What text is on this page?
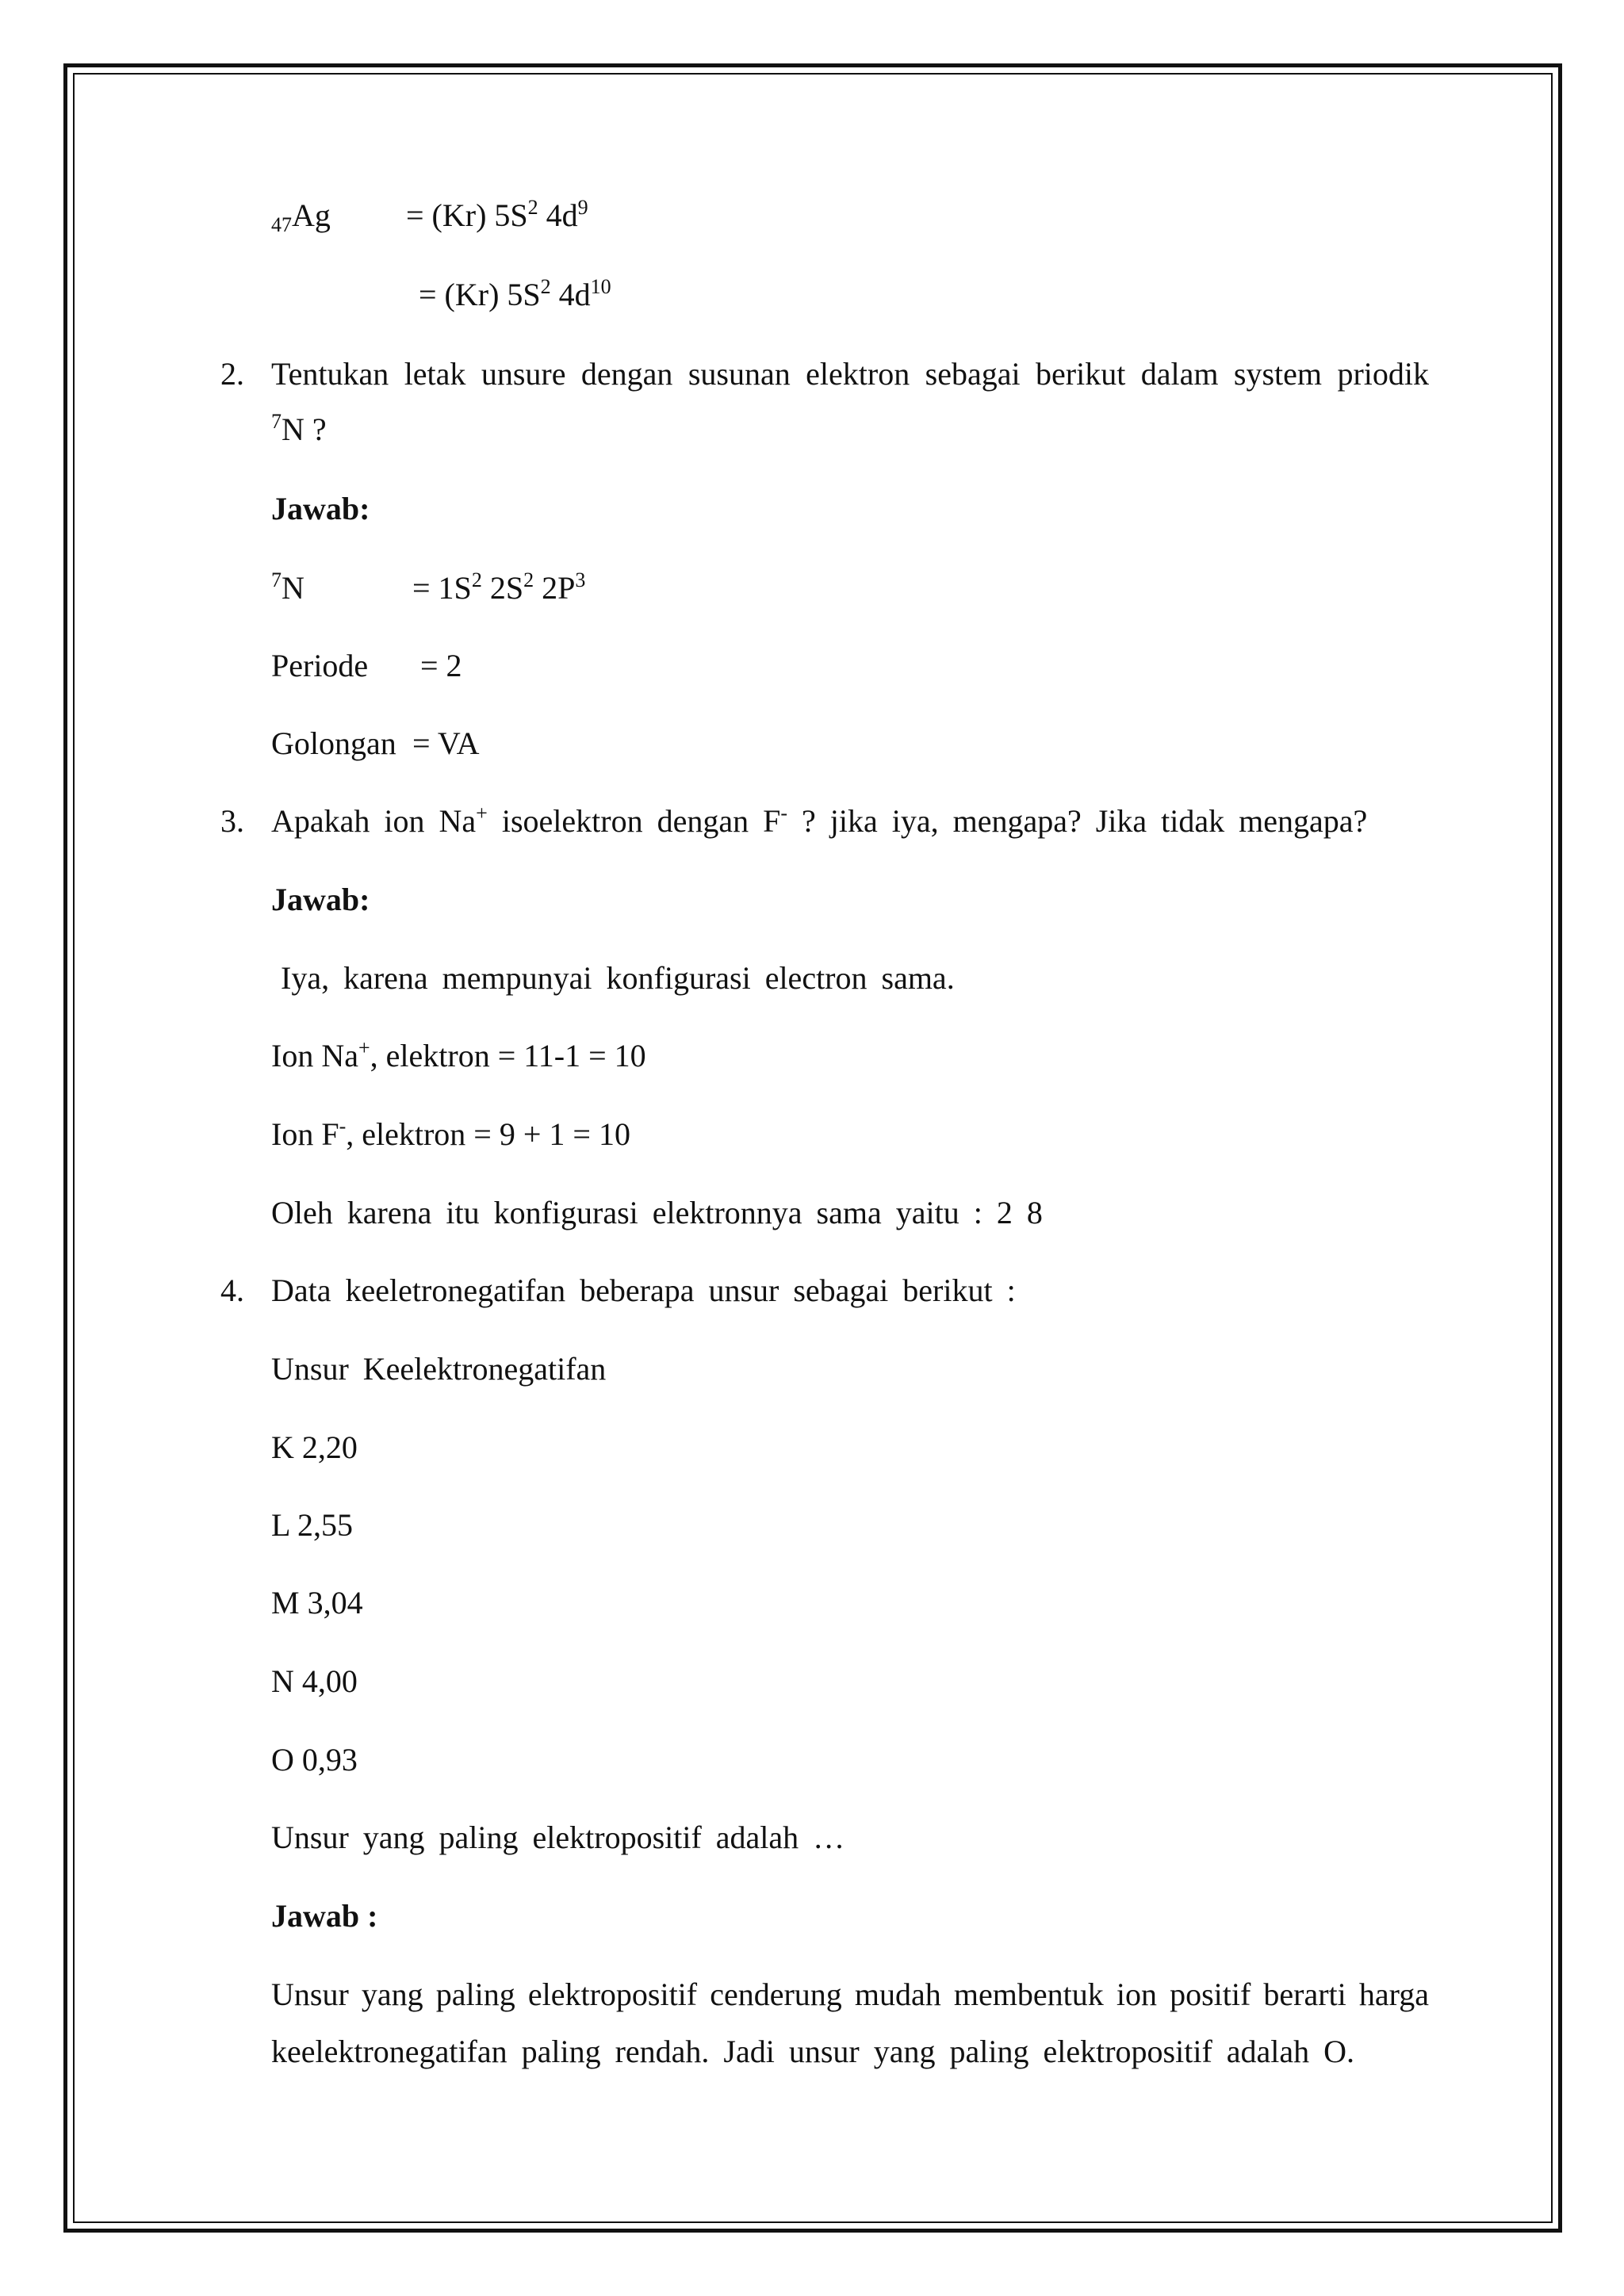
$_{47}$Ag = (Kr) $5S^2$ $4d^9$
= (Kr) $5S^2$ $4d^{10}$
2. Tentukan letak unsure dengan susunan elektron sebagai berikut dalam system priodik
$^7$N ?
Jawab:
$^7$N	= $1S^2$ $2S^2$ $2P^3$
Periode = 2
Golongan = VA
3. Apakah ion Na+ isoelektron dengan F- ? jika iya, mengapa? Jika tidak mengapa?
Jawab:
Iya, karena mempunyai konfigurasi electron sama.
Ion Na+, elektron = 11-1 = 10
Ion F-, elektron = 9 + 1 = 10
Oleh karena itu konfigurasi elektronnya sama yaitu : 2 8
4. Data keeletronegatifan beberapa unsur sebagai berikut :
Unsur Keelektronegatifan
K 2,20
L 2,55
M 3,04
N 4,00
O 0,93
Unsur yang paling elektropositif adalah …
Jawab :
Unsur yang paling elektropositif cenderung mudah membentuk ion positif berarti harga
keelektronegatifan paling rendah. Jadi unsur yang paling elektropositif adalah O.
